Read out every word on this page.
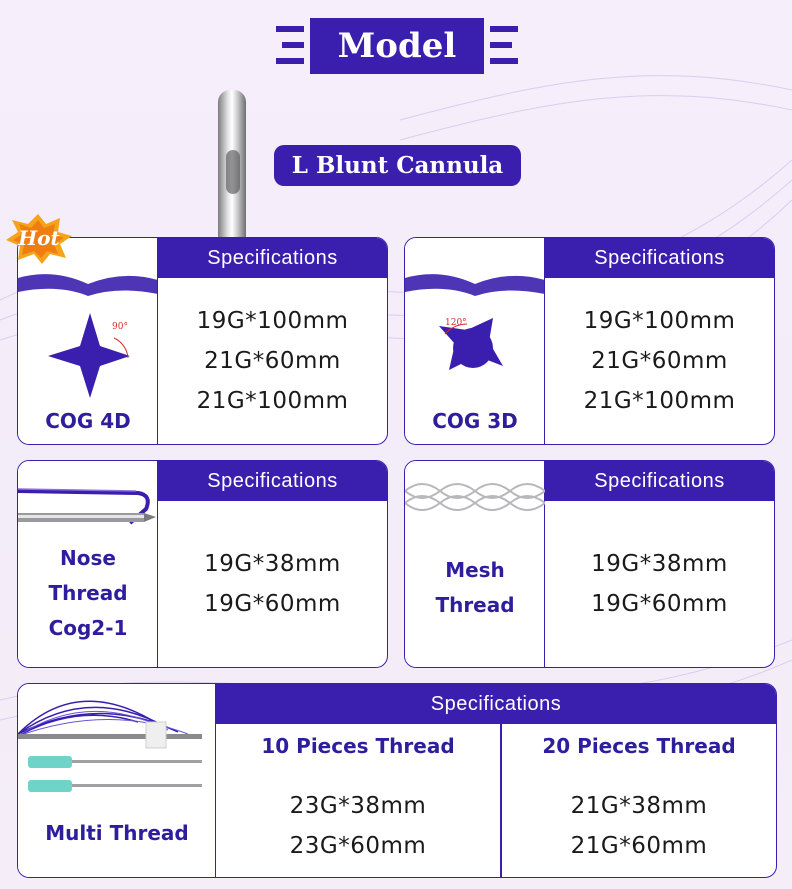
Model
L Blunt Cannula
90°
COG 4D
Specifications
19G*100mm
21G*60mm
21G*100mm
Hot
120°
COG 3D
Specifications
19G*100mm
21G*60mm
21G*100mm
Nose
Thread
Cog2-1
Specifications
19G*38mm
19G*60mm
Mesh
Thread
Specifications
19G*38mm
19G*60mm
Multi Thread
Specifications
10 Pieces Thread	20 Pieces Thread
23G*38mm
23G*60mm
21G*38mm
21G*60mm
